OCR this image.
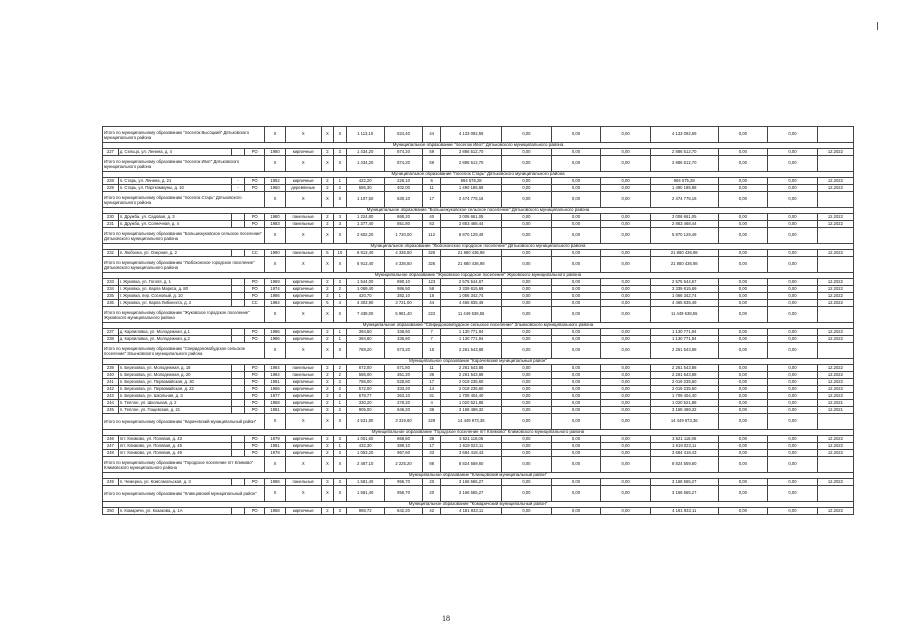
Итого по муниципальному образованию "поселок Высоцкий" Дятьковского муниципального района				X	X	X	X	1 113,10	624,40	44	4 133 092,59	0,00	0,00	0,00	4 133 092,59	0,00	0,00	
Муниципальное образование "поселок Ивот" Дятьковского муниципального района																		
227	д. Сельцо, ул. Ленина, д. 4		РО	1980	кирпичные	2	3	1 434,20	874,20	59	2 886 512,70	0,00	0,00	0,00	2 886 512,70	0,00	0,00	12.2022
Итого по муниципальному образованию "поселок Ивот" Дятьковского муниципального района				X	X	X	X	1 434,20	874,20	59	2 886 512,70	0,00	0,00	0,00	2 886 512,70	0,00	0,00	
Муниципальное образование "поселок Старь" Дятьковского муниципального района																		
228	п. Старь, ул. Ленина, д. 21	-	РО	1952	кирпичные	2	1	422,20	228,10	6	984 575,28	0,00	0,00	0,00	984 575,28	0,00	0,00	12.2022
229	п. Старь, ул. Парткоммуны, д. 10	-	РО	1950	деревянные	2	2	685,30	402,00	11	1 490 185,88	0,00	0,00	0,00	1 490 185,88	0,00	0,00	12.2022
Итого по муниципальному образованию "поселок Старь" Дятьковского муниципального района				X	X	X	X	1 107,50	630,10	17	2 474 775,16	0,00	0,00	0,00	2 474 775,16	0,00	0,00	
Муниципальное образование "Большежуковское сельское поселение" Дятьковского муниципального района																		
230	п. Дружба, ул. Садовая, д. 3		РО	1980	панельные	2	3	1 224,80	868,20	40	3 006 661,05	0,00	0,00	0,00	3 006 661,05	0,00	0,00	12.2022
231	п. Дружба, ул. Солнечная, д. 4		РО	1983	панельные	2	3	1 377,40	851,80	63	2 863 468,44	0,00	0,00	0,00	2 863 468,44	0,00	0,00	12.2022
Итого по муниципальному образованию "Большежуковское сельское поселение" Дятьковского муниципального района				X	X	X	X	2 602,20	1 720,00	112	5 870 129,49	0,00	0,00	0,00	5 870 129,49	0,00	0,00	
Муниципальное образование "Любохонское городское поселение" Дятьковского муниципального района																		
232	п. Любохна, ул. Озерная, д. 2		СС	1990	панельные	5	10	6 913,40	4 336,50	326	21 880 436,98	0,00	0,00	0,00	21 880 436,98	0,00	0,00	12.2022
Итого по муниципальному образованию "Любохонское городское поселение" Дятьковского муниципального района				X	X	X	X	6 913,40	4 336,50	326	21 880 436,98	0,00	0,00	0,00	21 880 436,98	0,00	0,00	
Муниципальное образование "Жуковское городское поселение" Жуковского муниципального района																		
233	г. Жуковка, ул. Гоголя, д. 1		РО	1969	кирпичные	2	3	1 544,00	890,10	123	2 575 544,67	0,00	0,00	0,00	2 575 544,67	0,00	0,00	12.2022
234	г. Жуковка, ул. Карла Маркса, д. 80		РО	1974	кирпичные	2	2	1 069,40	986,50	58	3 339 815,69	0,00	0,00	0,00	3 339 815,69	0,00	0,00	12.2022
235	г. Жуковка, пер. Сосновый, д. 10		РО	1986	кирпичные	2	1	420,70	382,10	16	1 066 342,74	0,00	0,00	0,00	1 066 342,74	0,00	0,00	12.2022
236	г. Жуковка, ул. Карла Либкнехта, д. 2		СС	1984	кирпичные	5	4	4 303,90	3 721,00	44	4 465 835,49	0,00	0,00	0,00	4 465 835,49	0,00	0,00	12.2022
Итого по муниципальному образованию "Жуковское городское поселение" Жуковского муниципального района				X	X	X	X	7 438,00	5 981,40	222	11 449 538,55	0,00	0,00	0,00	11 449 538,55	0,00	0,00	
Муниципальное образование "Спиридоновобудское сельское поселение" Злынковского муниципального района																		
237	д. Карпиловка, ул. Молодежная, д.1		РО	1986	кирпичные	2	1	394,60	336,60	7	1 130 771,94	0,00	0,00	0,00	1 130 771,94	0,00	0,00	12.2022
238	д. Карпиловка, ул. Молодежная, д.2		РО	1986	кирпичные	2	1	394,60	336,60	7	1 130 771,94	0,00	0,00	0,00	1 130 771,94	0,00	0,00	12.2022
Итого по муниципальному образованию "Спиридоновобудское сельское поселение" Злынковского муниципального района				X	X	X	X	789,20	673,20	15	2 261 543,88	0,00	0,00	0,00	2 261 543,88	0,00	0,00	
Муниципальное образование "Карачевский муниципальный район"																		
239	п. Березовка, ул. Молодежная, д. 18		РО	1984	панельные	2	2	672,00	571,80	11	2 261 543,88	0,00	0,00	0,00	2 261 543,88	0,00	0,00	12.2022
240	п. Березовка, ул. Молодежная, д. 20		РО	1984	панельные	2	2	586,00	351,20	36	2 261 543,88	0,00	0,00	0,00	2 261 543,88	0,00	0,00	12.2022
241	п. Березовка, ул. Первомайская, д. 30		РО	1981	кирпичные	2	2	786,00	528,80	17	2 019 235,60	0,00	0,00	0,00	2 019 235,60	0,00	0,00	12.2022
242	п. Березовка, ул. Первомайская, д. 22		РО	1966	кирпичные	2	2	572,00	333,20	14	2 019 235,60	0,00	0,00	0,00	2 019 235,60	0,00	0,00	12.2022
243	п. Березовка, ул. Школьная, д. 3		РО	1977	кирпичные	2	2	678,77	363,10	31	1 709 404,40	0,00	0,00	0,00	1 709 404,40	0,00	0,00	12.2022
244	п. Теплое, ул. Школьная, д. 2		РО	1958	кирпичные	2	1	330,20	278,20	4	1 020 521,88	0,00	0,00	0,00	1 020 521,88	0,00	0,00	12.2021
245	п. Теплое, ул. Гощевская, д. 21		РО	1981	кирпичные	2	2	905,00	646,20	36	3 158 489,32	0,00	0,00	0,00	3 158 489,32	0,00	0,00	12.2021
Итого по муниципальному образованию "Карачевский муниципальный район"				X	X	X	X	4 531,80	3 319,60	229	14 449 973,36	0,00	0,00	0,00	14 449 973,36	0,00	0,00	
Муниципальное образование "Городское поселение пгт Климово" Климовского муниципального района																		
246	пгт. Климово, ул. Полевая, д. 43		РО	1979	кирпичные	2	3	1 001,60	868,50	38	3 521 118,06	0,00	0,00	0,00	3 521 118,06	0,00	0,00	12.2022
247	пгт. Климово, ул. Полевая, д. 45		РО	1981	кирпичные	2	1	432,30	389,10	17	1 619 023,11	0,00	0,00	0,00	1 619 023,11	0,00	0,00	12.2022
248	пгт. Климово, ул. Полевая, д. 49		РО	1978	кирпичные	2	3	1 053,20	967,60	33	3 684 418,43	0,00	0,00	0,00	3 684 418,43	0,00	0,00	12.2022
Итого по муниципальному образованию "Городское поселение пгт Климово" Климовского муниципального района				X	X	X	X	2 487,10	2 225,20	88	8 824 559,60	0,00	0,00	0,00	8 824 559,60	0,00	0,00	
Муниципальное образование "Клинцовский муниципальный район"																		
249	п. Чемерна, ул. Комсомольская, д. 3		РО	1986	панельные	3	3	1 581,40	956,70	20	3 166 565,27	0,00	0,00	0,00	3 166 565,27	0,00	0,00	12.2022
Итого по муниципальному образованию "Клинцовский муниципальный район"				X	X	X	X	1 581,40	956,70	20	3 166 565,27	0,00	0,00	0,00	3 166 565,27	0,00	0,00	
Муниципальное образование "Комаричский муниципальный район"																		
250	п. Комаричи, ул. Казакова, д. 1А		РО	1958	кирпичные	2	3	988,72	842,20	42	4 181 933,11	0,00	0,00	0,00	4 181 933,11	0,00	0,00	12.2022
18
